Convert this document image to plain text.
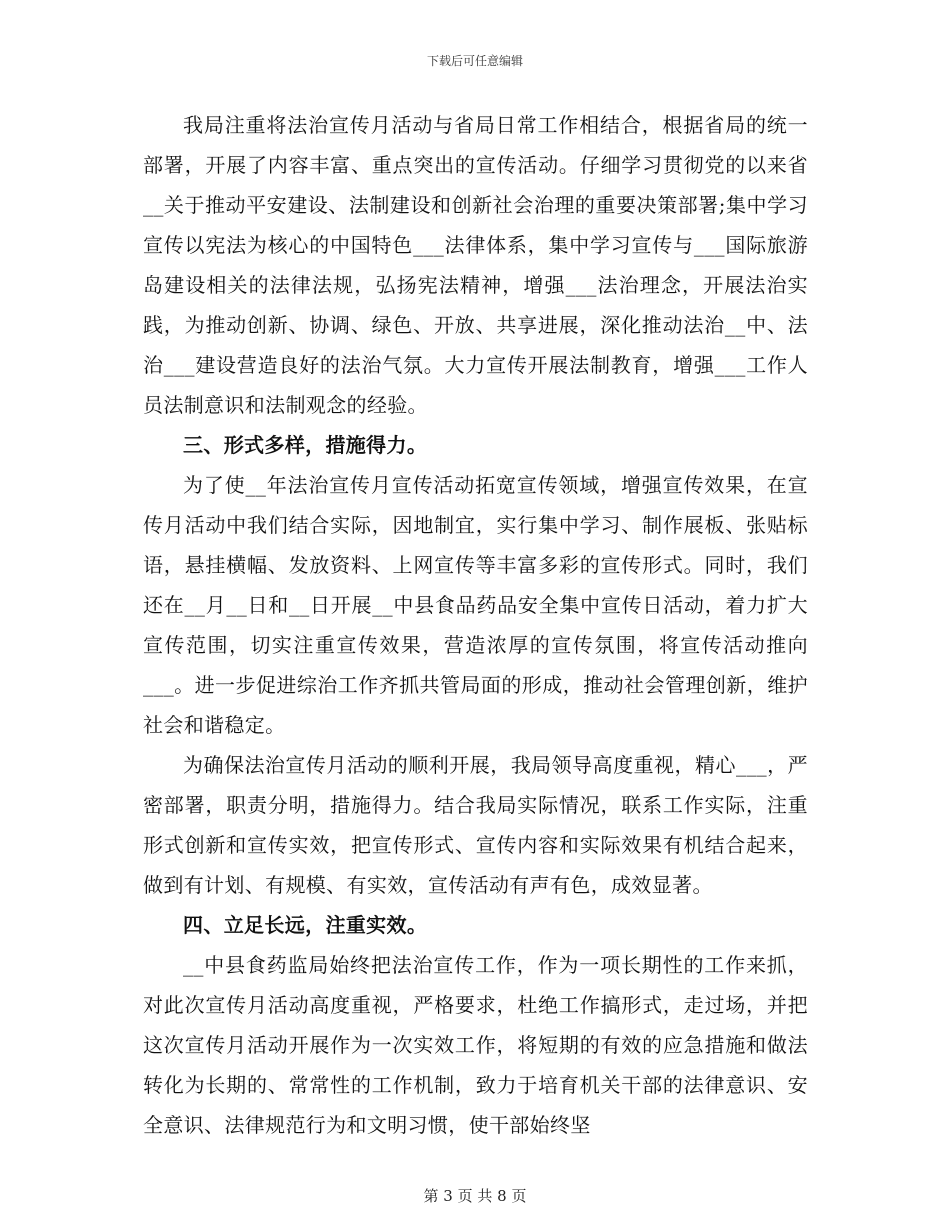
下载后可任意编辑

我局注重将法治宣传月活动与省局日常工作相结合，根据省局的统一部署，开展了内容丰富、重点突出的宣传活动。仔细学习贯彻党的以来省__关于推动平安建设、法制建设和创新社会治理的重要决策部署;集中学习宣传以宪法为核心的中国特色___法律体系，集中学习宣传与___国际旅游岛建设相关的法律法规，弘扬宪法精神，增强___法治理念，开展法治实践，为推动创新、协调、绿色、开放、共享进展，深化推动法治__中、法治___建设营造良好的法治气氛。大力宣传开展法制教育，增强___工作人员法制意识和法制观念的经验。

三、形式多样，措施得力。

为了使__年法治宣传月宣传活动拓宽宣传领域，增强宣传效果，在宣传月活动中我们结合实际，因地制宜，实行集中学习、制作展板、张贴标语，悬挂横幅、发放资料、上网宣传等丰富多彩的宣传形式。同时，我们还在__月__日和__日开展__中县食品药品安全集中宣传日活动，着力扩大宣传范围，切实注重宣传效果，营造浓厚的宣传氛围，将宣传活动推向___。进一步促进综治工作齐抓共管局面的形成，推动社会管理创新，维护社会和谐稳定。

为确保法治宣传月活动的顺利开展，我局领导高度重视，精心___，严密部署，职责分明，措施得力。结合我局实际情况，联系工作实际，注重形式创新和宣传实效，把宣传形式、宣传内容和实际效果有机结合起来，做到有计划、有规模、有实效，宣传活动有声有色，成效显著。

四、立足长远，注重实效。

__中县食药监局始终把法治宣传工作，作为一项长期性的工作来抓，对此次宣传月活动高度重视，严格要求，杜绝工作搞形式，走过场，并把这次宣传月活动开展作为一次实效工作，将短期的有效的应急措施和做法转化为长期的、常常性的工作机制，致力于培育机关干部的法律意识、安全意识、法律规范行为和文明习惯，使干部始终坚

第 3 页 共 8 页
